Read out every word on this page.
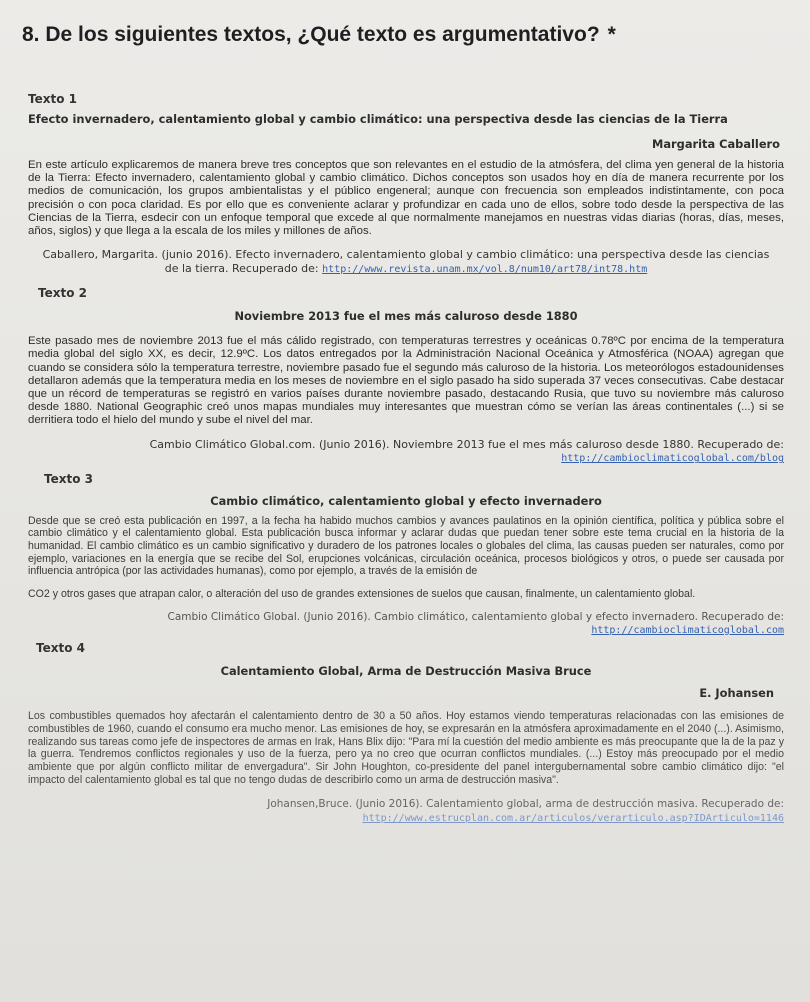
8. De los siguientes textos, ¿Qué texto es argumentativo? *
Texto 1
Efecto invernadero, calentamiento global y cambio climático: una perspectiva desde las ciencias de la Tierra
Margarita Caballero

En este artículo explicaremos de manera breve tres conceptos que son relevantes en el estudio de la atmósfera, del clima yen general de la historia de la Tierra: Efecto invernadero, calentamiento global y cambio climático. Dichos conceptos son usados hoy en día de manera recurrente por los medios de comunicación, los grupos ambientalistas y el público engeneral; aunque con frecuencia son empleados indistintamente, con poca precisión o con poca claridad. Es por ello que es conveniente aclarar y profundizar en cada uno de ellos, sobre todo desde la perspectiva de las Ciencias de la Tierra, esdecir con un enfoque temporal que excede al que normalmente manejamos en nuestras vidas diarias (horas, días, meses, años, siglos) y que llega a la escala de los miles y millones de años.

Caballero, Margarita. (junio 2016). Efecto invernadero, calentamiento global y cambio climático: una perspectiva desde las ciencias de la tierra. Recuperado de: http://www.revista.unam.mx/vol.8/num10/art78/int78.htm
Texto 2
Noviembre 2013 fue el mes más caluroso desde 1880

Este pasado mes de noviembre 2013 fue el más cálido registrado, con temperaturas terrestres y oceánicas 0.78ºC por encima de la temperatura media global del siglo XX, es decir, 12.9ºC. Los datos entregados por la Administración Nacional Oceánica y Atmosférica (NOAA) agregan que cuando se considera sólo la temperatura terrestre, noviembre pasado fue el segundo más caluroso de la historia. Los meteorólogos estadounidenses detallaron además que la temperatura media en los meses de noviembre en el siglo pasado ha sido superada 37 veces consecutivas. Cabe destacar que un récord de temperaturas se registró en varios países durante noviembre pasado, destacando Rusia, que tuvo su noviembre más caluroso desde 1880. National Geographic creó unos mapas mundiales muy interesantes que muestran cómo se verían las áreas continentales (...) si se derritiera todo el hielo del mundo y sube el nivel del mar.

Cambio Climático Global.com. (Junio 2016). Noviembre 2013 fue el mes más caluroso desde 1880. Recuperado de:
http://cambioclimaticoglobal.com/blog
Texto 3
Cambio climático, calentamiento global y efecto invernadero

Desde que se creó esta publicación en 1997, a la fecha ha habido muchos cambios y avances paulatinos en la opinión científica, política y pública sobre el cambio climático y el calentamiento global. Esta publicación busca informar y aclarar dudas que puedan tener sobre este tema crucial en la historia de la humanidad. El cambio climático es un cambio significativo y duradero de los patrones locales o globales del clima, las causas pueden ser naturales, como por ejemplo, variaciones en la energía que se recibe del Sol, erupciones volcánicas, circulación oceánica, procesos biológicos y otros, o puede ser causada por influencia antrópica (por las actividades humanas), como por ejemplo, a través de la emisión de

CO2 y otros gases que atrapan calor, o alteración del uso de grandes extensiones de suelos que causan, finalmente, un calentamiento global.

Cambio Climático Global. (Junio 2016). Cambio climático, calentamiento global y efecto invernadero. Recuperado de:
http://cambioclimaticoglobal.com
Texto 4
Calentamiento Global, Arma de Destrucción Masiva Bruce
E. Johansen

Los combustibles quemados hoy afectarán el calentamiento dentro de 30 a 50 años. Hoy estamos viendo temperaturas relacionadas con las emisiones de combustibles de 1960, cuando el consumo era mucho menor. Las emisiones de hoy, se expresarán en la atmósfera aproximadamente en el 2040 (...). Asimismo, realizando sus tareas como jefe de inspectores de armas en Irak, Hans Blix dijo: "Para mí la cuestión del medio ambiente es más preocupante que la de la paz y la guerra. Tendremos conflictos regionales y uso de la fuerza, pero ya no creo que ocurran conflictos mundiales. (...) Estoy más preocupado por el medio ambiente que por algún conflicto militar de envergadura". Sir John Houghton, co-presidente del panel intergubernamental sobre cambio climático dijo: "el impacto del calentamiento global es tal que no tengo dudas de describirlo como un arma de destrucción masiva".

Johansen,Bruce. (Junio 2016). Calentamiento global, arma de destrucción masiva. Recuperado de:
http://www.estrucplan.com.ar/articulos/verarticulo.asp?IDArticulo=1146
